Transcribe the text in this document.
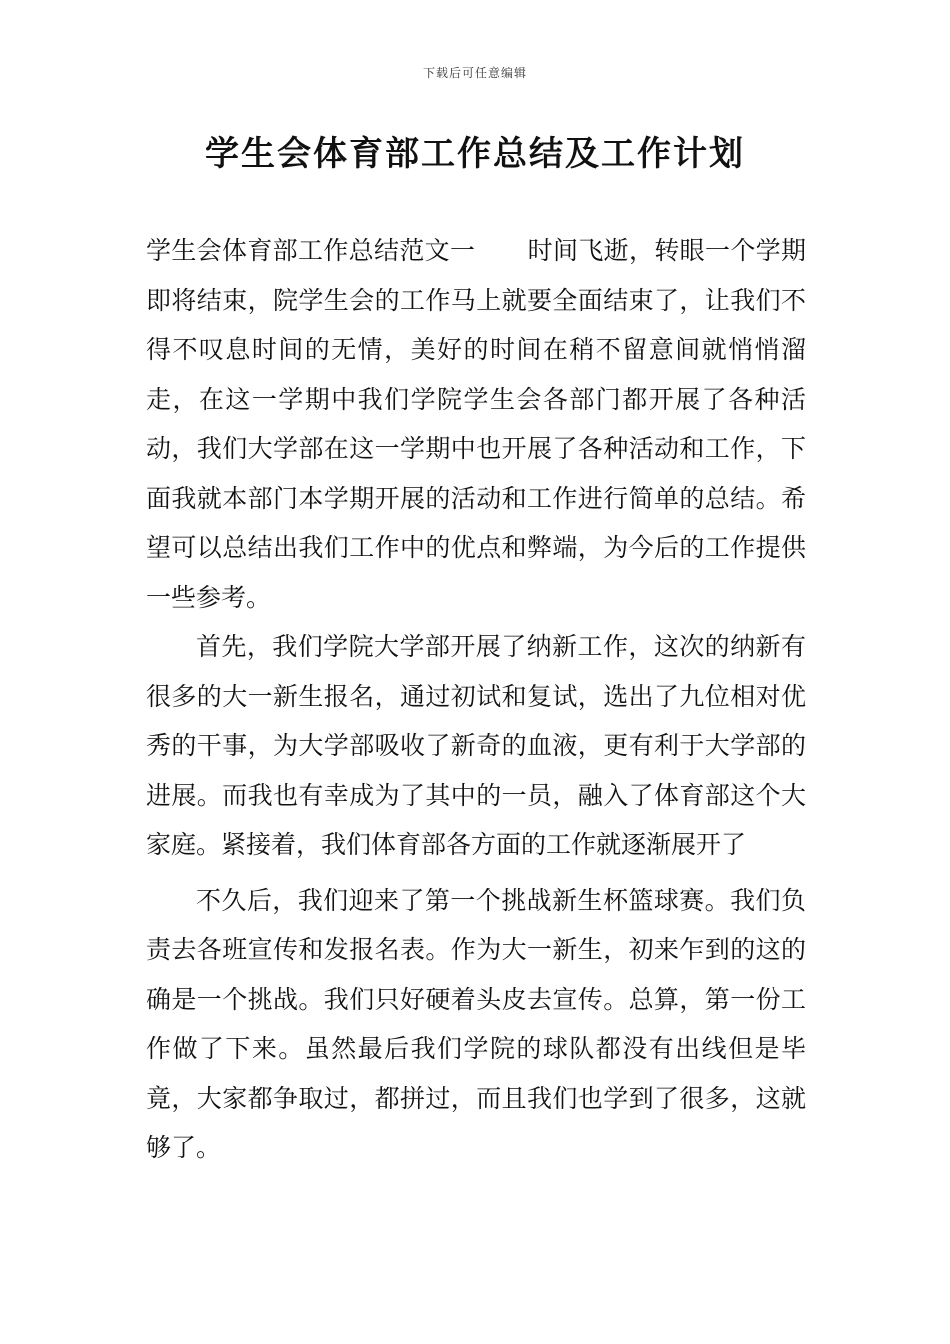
下载后可任意编辑
学生会体育部工作总结及工作计划

学生会体育部工作总结范文一 时间飞逝，转眼一个学期即将结束，院学生会的工作马上就要全面结束了，让我们不得不叹息时间的无情，美好的时间在稍不留意间就悄悄溜走，在这一学期中我们学院学生会各部门都开展了各种活动，我们大学部在这一学期中也开展了各种活动和工作，下面我就本部门本学期开展的活动和工作进行简单的总结。希望可以总结出我们工作中的优点和弊端，为今后的工作提供一些参考。

首先，我们学院大学部开展了纳新工作，这次的纳新有很多的大一新生报名，通过初试和复试，选出了九位相对优秀的干事，为大学部吸收了新奇的血液，更有利于大学部的进展。而我也有幸成为了其中的一员，融入了体育部这个大家庭。紧接着，我们体育部各方面的工作就逐渐展开了

不久后，我们迎来了第一个挑战新生杯篮球赛。我们负责去各班宣传和发报名表。作为大一新生，初来乍到的这的确是一个挑战。我们只好硬着头皮去宣传。总算，第一份工作做了下来。虽然最后我们学院的球队都没有出线但是毕竟，大家都争取过，都拼过，而且我们也学到了很多，这就够了。
